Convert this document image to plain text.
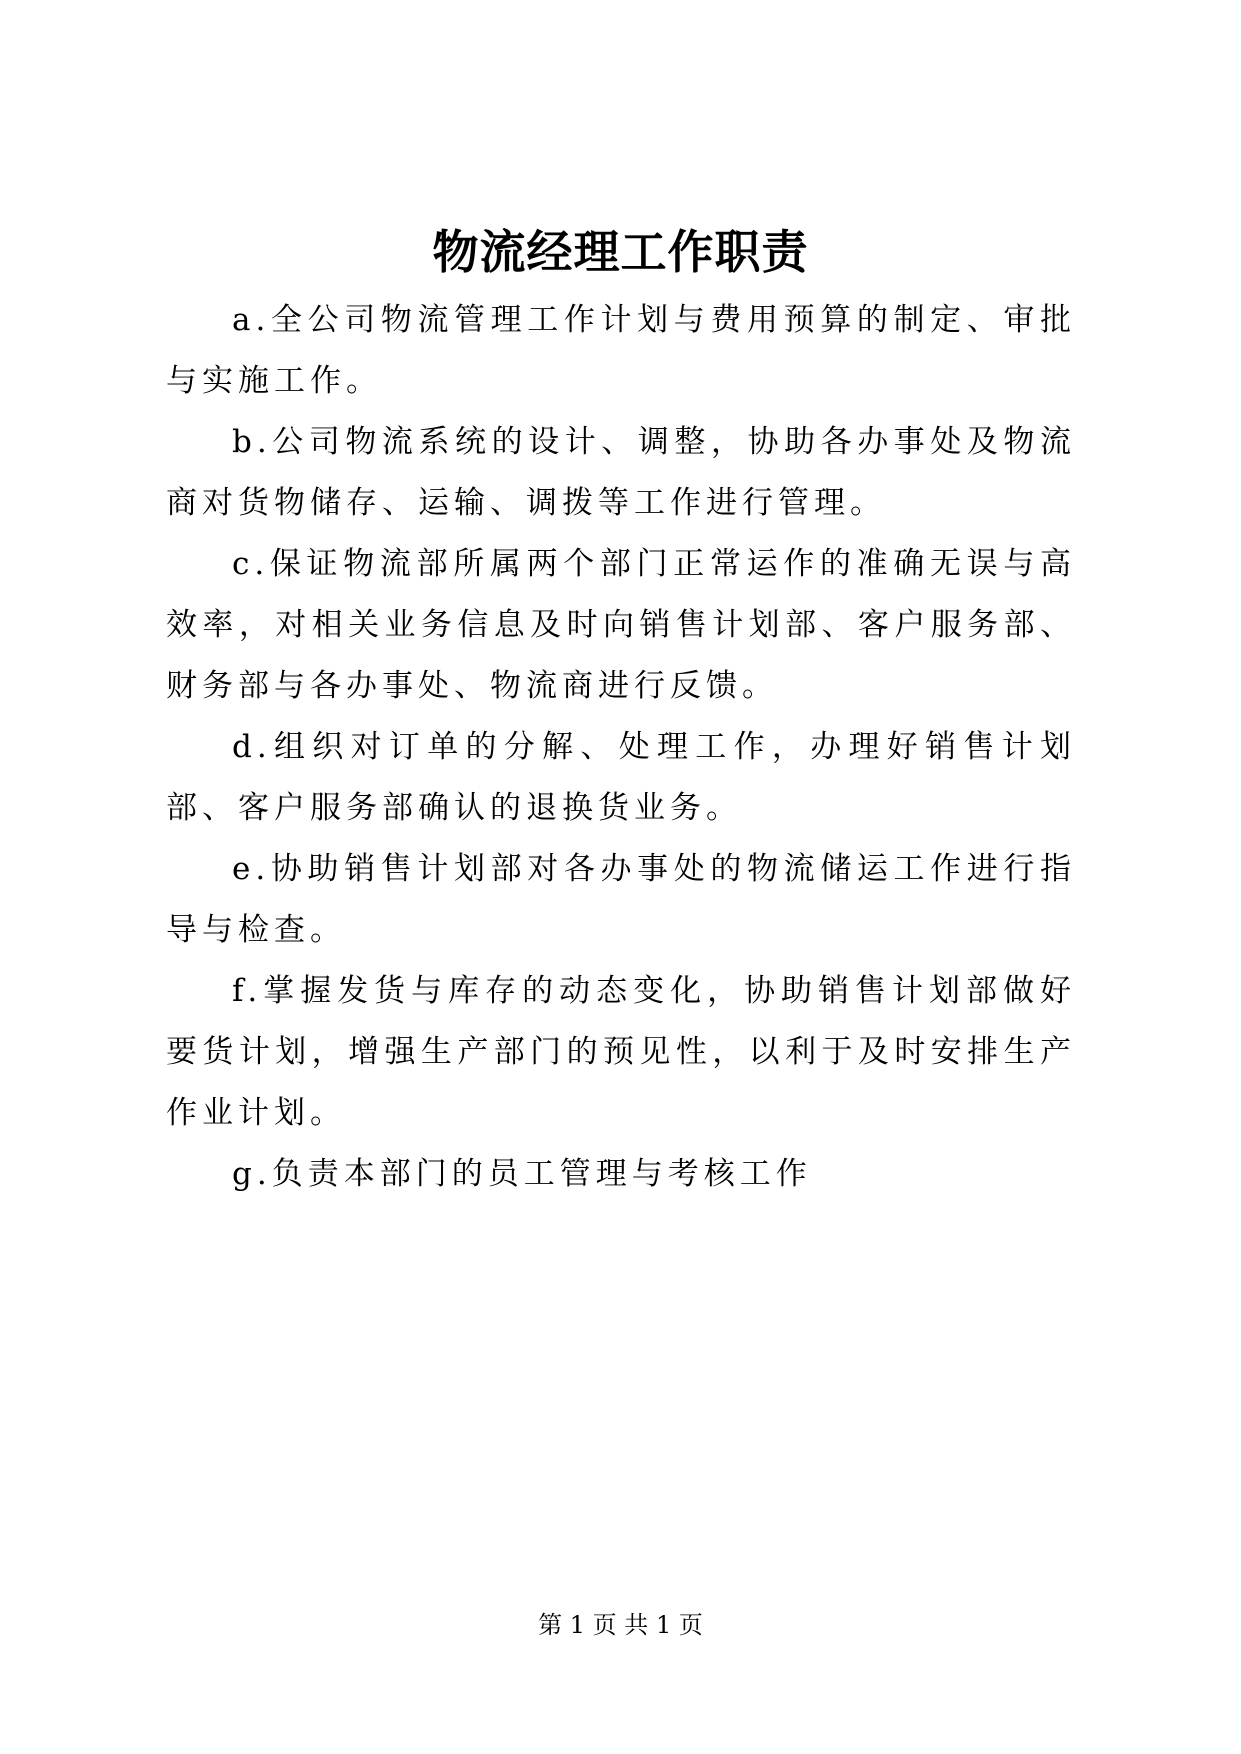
物流经理工作职责

a.全公司物流管理工作计划与费用预算的制定、审批与实施工作。

b.公司物流系统的设计、调整，协助各办事处及物流商对货物储存、运输、调拨等工作进行管理。

c.保证物流部所属两个部门正常运作的准确无误与高效率，对相关业务信息及时向销售计划部、客户服务部、财务部与各办事处、物流商进行反馈。

d.组织对订单的分解、处理工作，办理好销售计划部、客户服务部确认的退换货业务。

e.协助销售计划部对各办事处的物流储运工作进行指导与检查。

f.掌握发货与库存的动态变化，协助销售计划部做好要货计划，增强生产部门的预见性，以利于及时安排生产作业计划。

g.负责本部门的员工管理与考核工作

第 1 页 共 1 页
